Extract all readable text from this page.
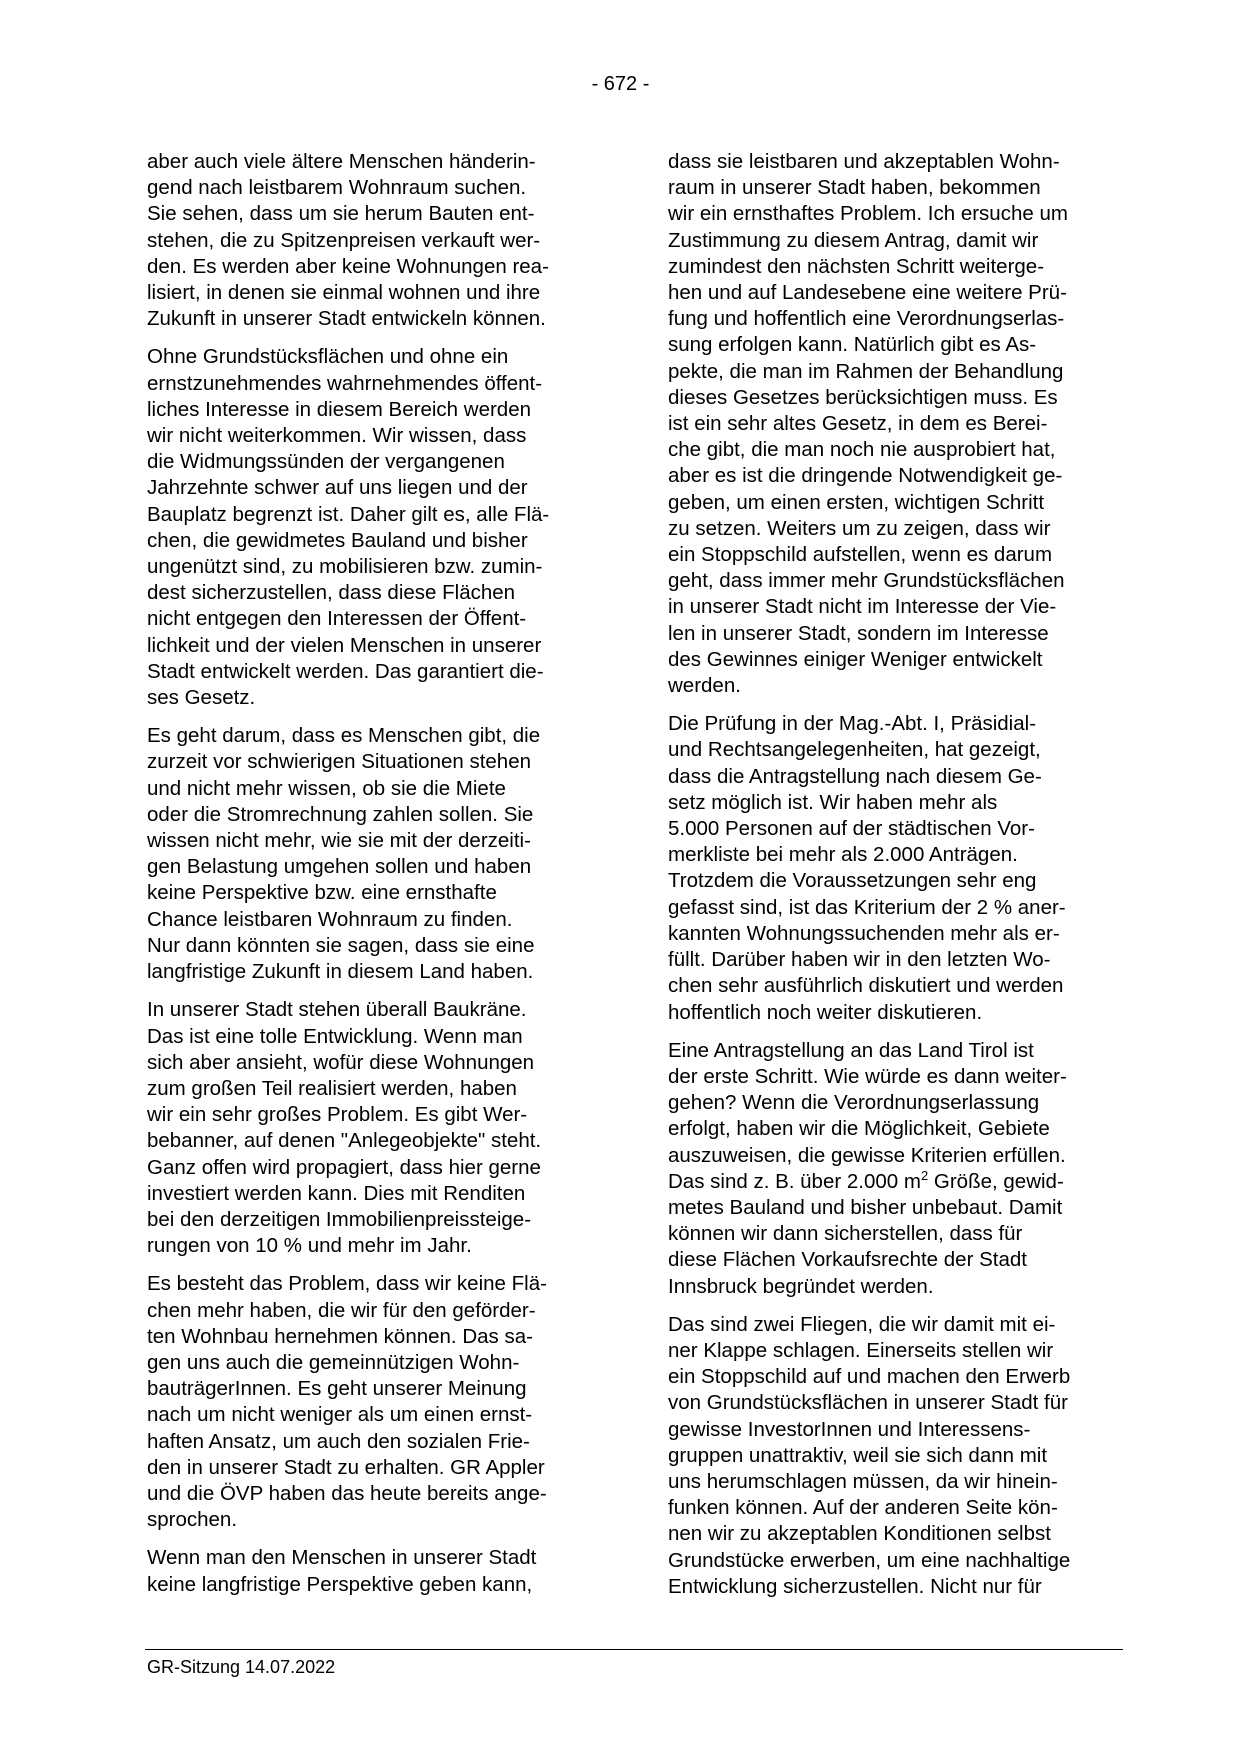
- 672 -

aber auch viele ältere Menschen händerin-
gend nach leistbarem Wohnraum suchen.
Sie sehen, dass um sie herum Bauten ent-
stehen, die zu Spitzenpreisen verkauft wer-
den. Es werden aber keine Wohnungen rea-
lisiert, in denen sie einmal wohnen und ihre
Zukunft in unserer Stadt entwickeln können.

Ohne Grundstücksflächen und ohne ein
ernstzunehmendes wahrnehmendes öffent-
liches Interesse in diesem Bereich werden
wir nicht weiterkommen. Wir wissen, dass
die Widmungssünden der vergangenen
Jahrzehnte schwer auf uns liegen und der
Bauplatz begrenzt ist. Daher gilt es, alle Flä-
chen, die gewidmetes Bauland und bisher
ungenützt sind, zu mobilisieren bzw. zumin-
dest sicherzustellen, dass diese Flächen
nicht entgegen den Interessen der Öffent-
lichkeit und der vielen Menschen in unserer
Stadt entwickelt werden. Das garantiert die-
ses Gesetz.

Es geht darum, dass es Menschen gibt, die
zurzeit vor schwierigen Situationen stehen
und nicht mehr wissen, ob sie die Miete
oder die Stromrechnung zahlen sollen. Sie
wissen nicht mehr, wie sie mit der derzeiti-
gen Belastung umgehen sollen und haben
keine Perspektive bzw. eine ernsthafte
Chance leistbaren Wohnraum zu finden.
Nur dann könnten sie sagen, dass sie eine
langfristige Zukunft in diesem Land haben.

In unserer Stadt stehen überall Baukräne.
Das ist eine tolle Entwicklung. Wenn man
sich aber ansieht, wofür diese Wohnungen
zum großen Teil realisiert werden, haben
wir ein sehr großes Problem. Es gibt Wer-
bebanner, auf denen "Anlegeobjekte" steht.
Ganz offen wird propagiert, dass hier gerne
investiert werden kann. Dies mit Renditen
bei den derzeitigen Immobilienpreissteige-
rungen von 10 % und mehr im Jahr.

Es besteht das Problem, dass wir keine Flä-
chen mehr haben, die wir für den geförder-
ten Wohnbau hernehmen können. Das sa-
gen uns auch die gemeinnützigen Wohn-
bauträgerInnen. Es geht unserer Meinung
nach um nicht weniger als um einen ernst-
haften Ansatz, um auch den sozialen Frie-
den in unserer Stadt zu erhalten. GR Appler
und die ÖVP haben das heute bereits ange-
sprochen.

Wenn man den Menschen in unserer Stadt
keine langfristige Perspektive geben kann,

dass sie leistbaren und akzeptablen Wohn-
raum in unserer Stadt haben, bekommen
wir ein ernsthaftes Problem. Ich ersuche um
Zustimmung zu diesem Antrag, damit wir
zumindest den nächsten Schritt weiterge-
hen und auf Landesebene eine weitere Prü-
fung und hoffentlich eine Verordnungserlas-
sung erfolgen kann. Natürlich gibt es As-
pekte, die man im Rahmen der Behandlung
dieses Gesetzes berücksichtigen muss. Es
ist ein sehr altes Gesetz, in dem es Berei-
che gibt, die man noch nie ausprobiert hat,
aber es ist die dringende Notwendigkeit ge-
geben, um einen ersten, wichtigen Schritt
zu setzen. Weiters um zu zeigen, dass wir
ein Stoppschild aufstellen, wenn es darum
geht, dass immer mehr Grundstücksflächen
in unserer Stadt nicht im Interesse der Vie-
len in unserer Stadt, sondern im Interesse
des Gewinnes einiger Weniger entwickelt
werden.

Die Prüfung in der Mag.-Abt. I, Präsidial-
und Rechtsangelegenheiten, hat gezeigt,
dass die Antragstellung nach diesem Ge-
setz möglich ist. Wir haben mehr als
5.000 Personen auf der städtischen Vor-
merkliste bei mehr als 2.000 Anträgen.
Trotzdem die Voraussetzungen sehr eng
gefasst sind, ist das Kriterium der 2 % aner-
kannten Wohnungssuchenden mehr als er-
füllt. Darüber haben wir in den letzten Wo-
chen sehr ausführlich diskutiert und werden
hoffentlich noch weiter diskutieren.

Eine Antragstellung an das Land Tirol ist
der erste Schritt. Wie würde es dann weiter-
gehen? Wenn die Verordnungserlassung
erfolgt, haben wir die Möglichkeit, Gebiete
auszuweisen, die gewisse Kriterien erfüllen.
Das sind z. B. über 2.000 $m^2$ Größe, gewid-
metes Bauland und bisher unbebaut. Damit
können wir dann sicherstellen, dass für
diese Flächen Vorkaufsrechte der Stadt
Innsbruck begründet werden.

Das sind zwei Fliegen, die wir damit mit ei-
ner Klappe schlagen. Einerseits stellen wir
ein Stoppschild auf und machen den Erwerb
von Grundstücksflächen in unserer Stadt für
gewisse InvestorInnen und Interessens-
gruppen unattraktiv, weil sie sich dann mit
uns herumschlagen müssen, da wir hinein-
funken können. Auf der anderen Seite kön-
nen wir zu akzeptablen Konditionen selbst
Grundstücke erwerben, um eine nachhaltige
Entwicklung sicherzustellen. Nicht nur für

GR-Sitzung 14.07.2022
